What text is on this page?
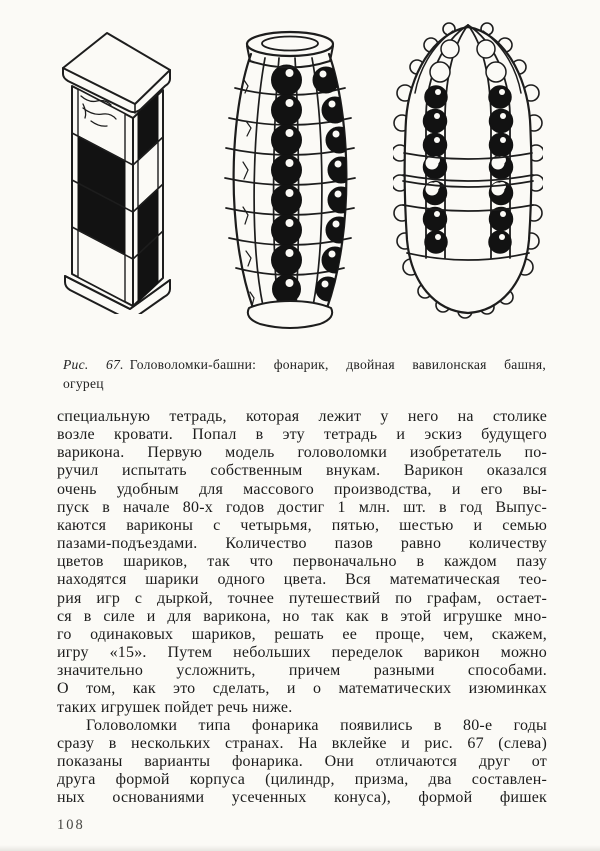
Рис. 67. Головоломки-башни: фонарик, двойная вавилонская башня,
огурец
специальную тетрадь, которая лежит у него на столике
возле кровати. Попал в эту тетрадь и эскиз будущего
варикона. Первую модель головоломки изобретатель по-
ручил испытать собственным внукам. Варикон оказался
очень удобным для массового производства, и его вы-
пуск в начале 80-х годов достиг 1 млн. шт. в год Выпус-
каются вариконы с четырьмя, пятью, шестью и семью
пазами-подъездами. Количество пазов равно количеству
цветов шариков, так что первоначально в каждом пазу
находятся шарики одного цвета. Вся математическая тео-
рия игр с дыркой, точнее путешествий по графам, остает-
ся в силе и для варикона, но так как в этой игрушке мно-
го одинаковых шариков, решать ее проще, чем, скажем,
игру «15». Путем небольших переделок варикон можно
значительно усложнить, причем разными способами.
О том, как это сделать, и о математических изюминках
таких игрушек пойдет речь ниже.
Головоломки типа фонарика появились в 80-е годы
сразу в нескольких странах. На вклейке и рис. 67 (слева)
показаны варианты фонарика. Они отличаются друг от
друга формой корпуса (цилиндр, призма, два составлен-
ных основаниями усеченных конуса), формой фишек
108
